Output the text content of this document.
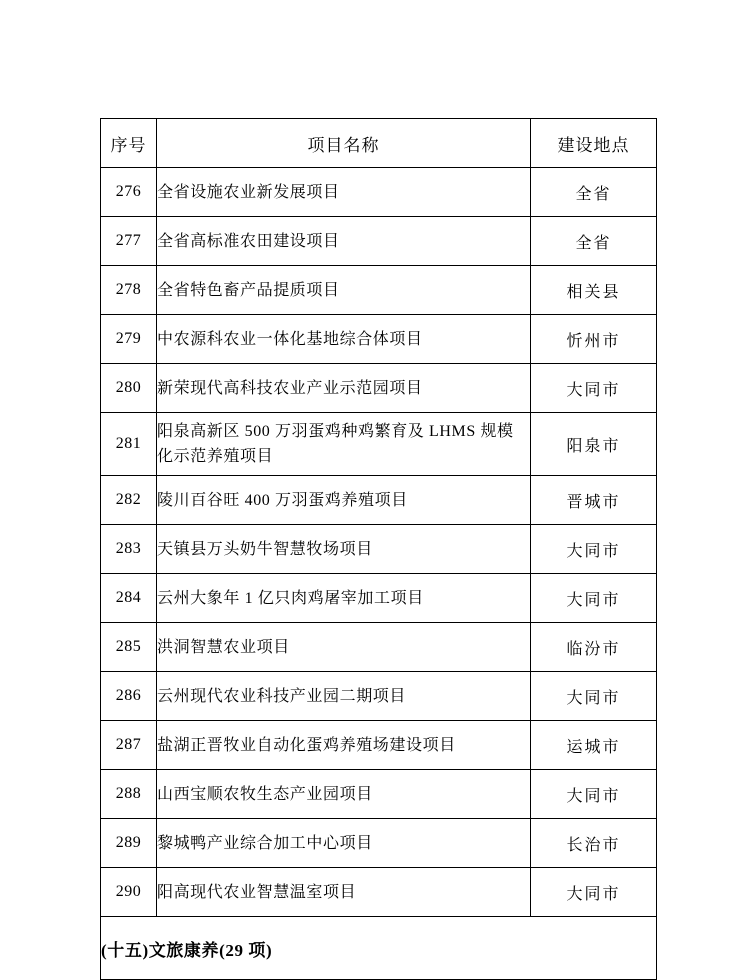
序号	项目名称	建设地点
276	全省设施农业新发展项目	全省
277	全省高标准农田建设项目	全省
278	全省特色畜产品提质项目	相关县
279	中农源科农业一体化基地综合体项目	忻州市
280	新荣现代高科技农业产业示范园项目	大同市
281	阳泉高新区 500 万羽蛋鸡种鸡繁育及 LHMS 规模化示范养殖项目	阳泉市
282	陵川百谷旺 400 万羽蛋鸡养殖项目	晋城市
283	天镇县万头奶牛智慧牧场项目	大同市
284	云州大象年 1 亿只肉鸡屠宰加工项目	大同市
285	洪洞智慧农业项目	临汾市
286	云州现代农业科技产业园二期项目	大同市
287	盐湖正晋牧业自动化蛋鸡养殖场建设项目	运城市
288	山西宝顺农牧生态产业园项目	大同市
289	黎城鸭产业综合加工中心项目	长治市
290	阳高现代农业智慧温室项目	大同市
(十五)文旅康养(29 项)		
